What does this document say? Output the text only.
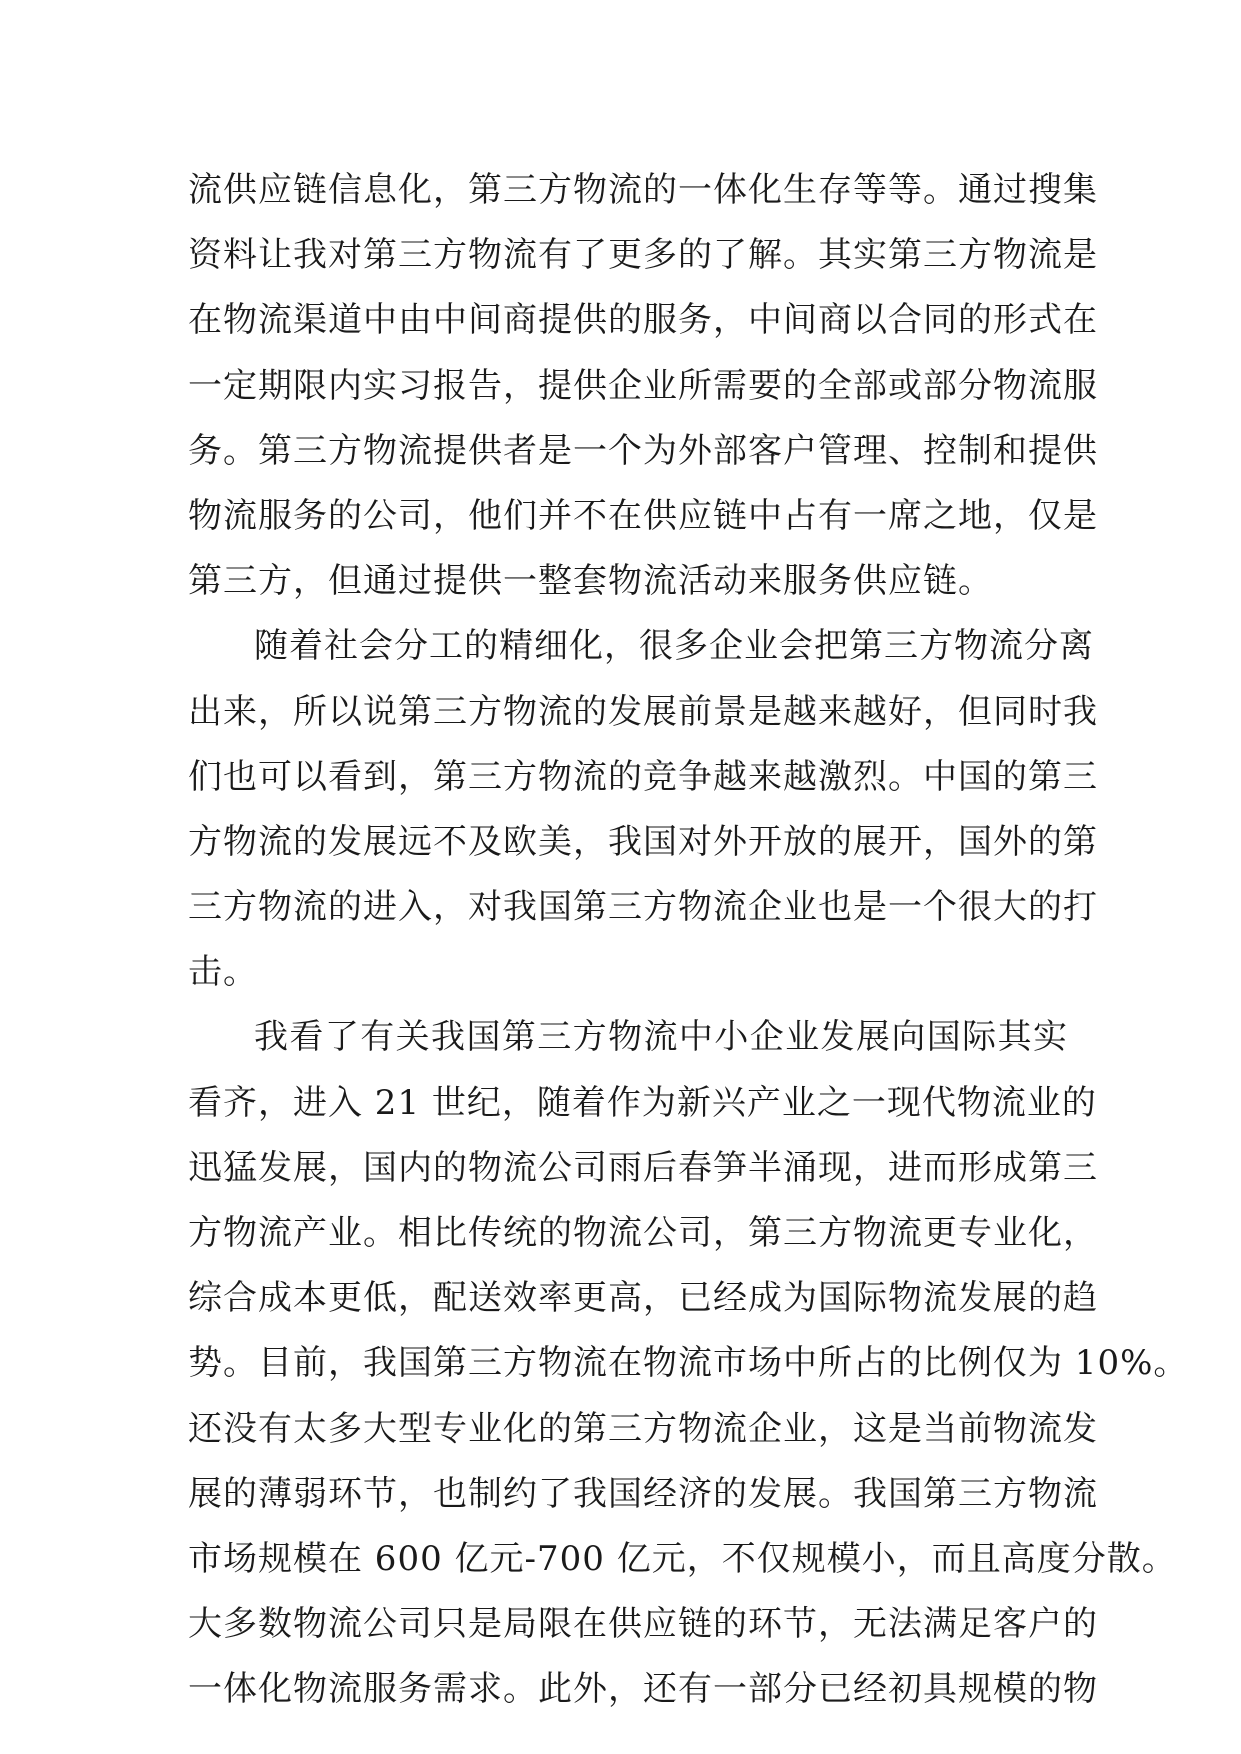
流供应链信息化，第三方物流的一体化生存等等。通过搜集
资料让我对第三方物流有了更多的了解。其实第三方物流是
在物流渠道中由中间商提供的服务，中间商以合同的形式在
一定期限内实习报告，提供企业所需要的全部或部分物流服
务。第三方物流提供者是一个为外部客户管理、控制和提供
物流服务的公司，他们并不在供应链中占有一席之地，仅是
第三方，但通过提供一整套物流活动来服务供应链。
随着社会分工的精细化，很多企业会把第三方物流分离
出来，所以说第三方物流的发展前景是越来越好，但同时我
们也可以看到，第三方物流的竞争越来越激烈。中国的第三
方物流的发展远不及欧美，我国对外开放的展开，国外的第
三方物流的进入，对我国第三方物流企业也是一个很大的打
击。
我看了有关我国第三方物流中小企业发展向国际其实
看齐，进入 21 世纪，随着作为新兴产业之一现代物流业的
迅猛发展，国内的物流公司雨后春笋半涌现，进而形成第三
方物流产业。相比传统的物流公司，第三方物流更专业化，
综合成本更低，配送效率更高，已经成为国际物流发展的趋
势。目前，我国第三方物流在物流市场中所占的比例仅为 10%。
还没有太多大型专业化的第三方物流企业，这是当前物流发
展的薄弱环节，也制约了我国经济的发展。我国第三方物流
市场规模在 600 亿元-700 亿元，不仅规模小，而且高度分散。
大多数物流公司只是局限在供应链的环节，无法满足客户的
一体化物流服务需求。此外，还有一部分已经初具规模的物
